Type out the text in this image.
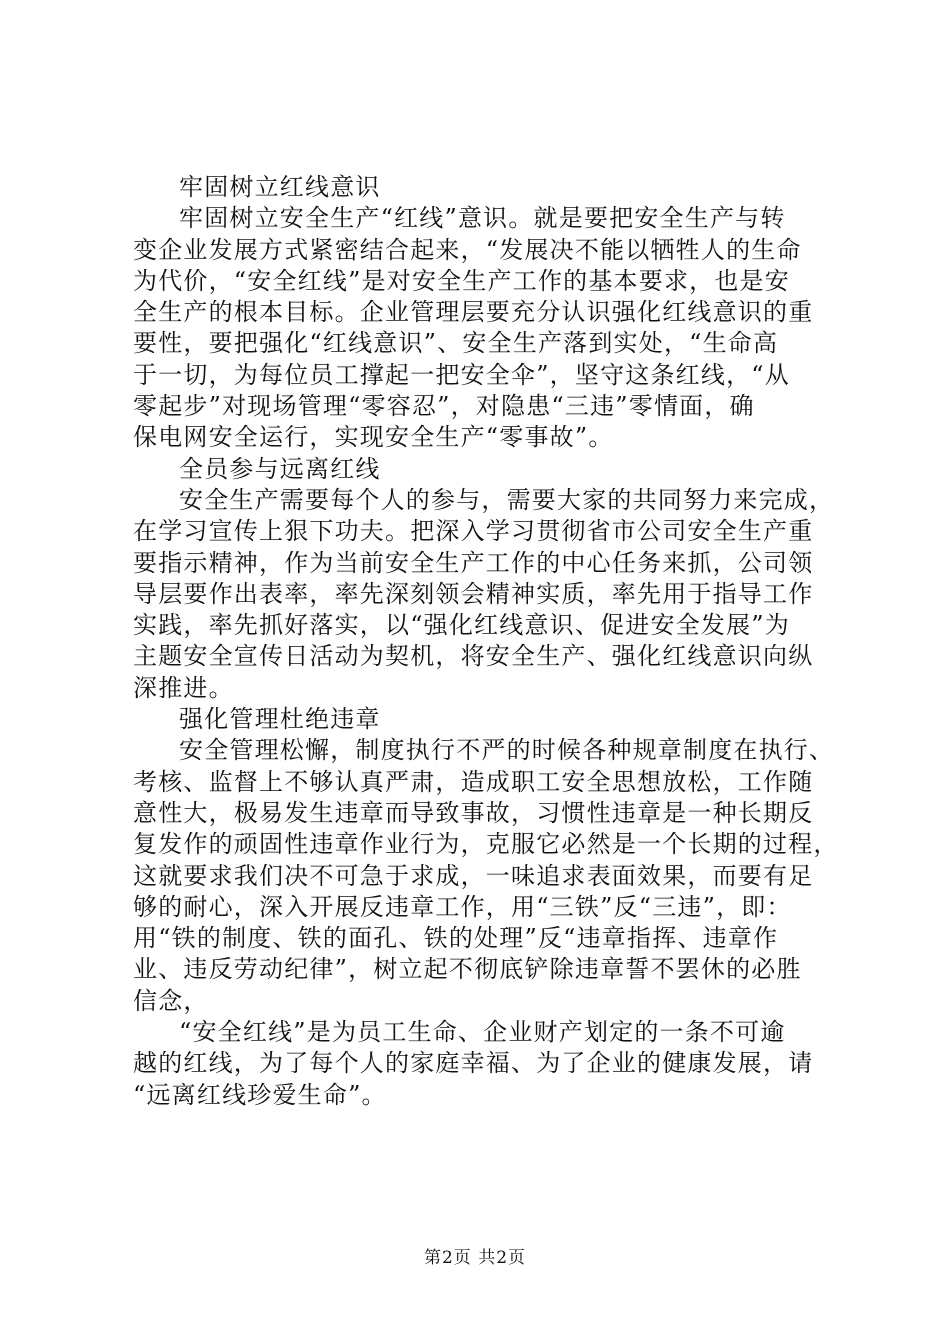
牢固树立红线意识
牢固树立安全生产“红线”意识。就是要把安全生产与转
变企业发展方式紧密结合起来，“发展决不能以牺牲人的生命
为代价，“安全红线”是对安全生产工作的基本要求，也是安
全生产的根本目标。企业管理层要充分认识强化红线意识的重
要性，要把强化“红线意识”、安全生产落到实处，“生命高
于一切，为每位员工撑起一把安全伞”，坚守这条红线，“从
零起步”对现场管理“零容忍”，对隐患“三违”零情面，确
保电网安全运行，实现安全生产“零事故”。
全员参与远离红线
安全生产需要每个人的参与，需要大家的共同努力来完成，
在学习宣传上狠下功夫。把深入学习贯彻省市公司安全生产重
要指示精神，作为当前安全生产工作的中心任务来抓，公司领
导层要作出表率，率先深刻领会精神实质，率先用于指导工作
实践，率先抓好落实，以“强化红线意识、促进安全发展”为
主题安全宣传日活动为契机，将安全生产、强化红线意识向纵
深推进。
强化管理杜绝违章
安全管理松懈，制度执行不严的时候各种规章制度在执行、
考核、监督上不够认真严肃，造成职工安全思想放松，工作随
意性大，极易发生违章而导致事故，习惯性违章是一种长期反
复发作的顽固性违章作业行为，克服它必然是一个长期的过程，
这就要求我们决不可急于求成，一味追求表面效果，而要有足
够的耐心，深入开展反违章工作，用“三铁”反“三违”，即：
用“铁的制度、铁的面孔、铁的处理”反“违章指挥、违章作
业、违反劳动纪律”，树立起不彻底铲除违章誓不罢休的必胜
信念，
“安全红线”是为员工生命、企业财产划定的一条不可逾
越的红线，为了每个人的家庭幸福、为了企业的健康发展，请
“远离红线珍爱生命”。
第2页 共2页
